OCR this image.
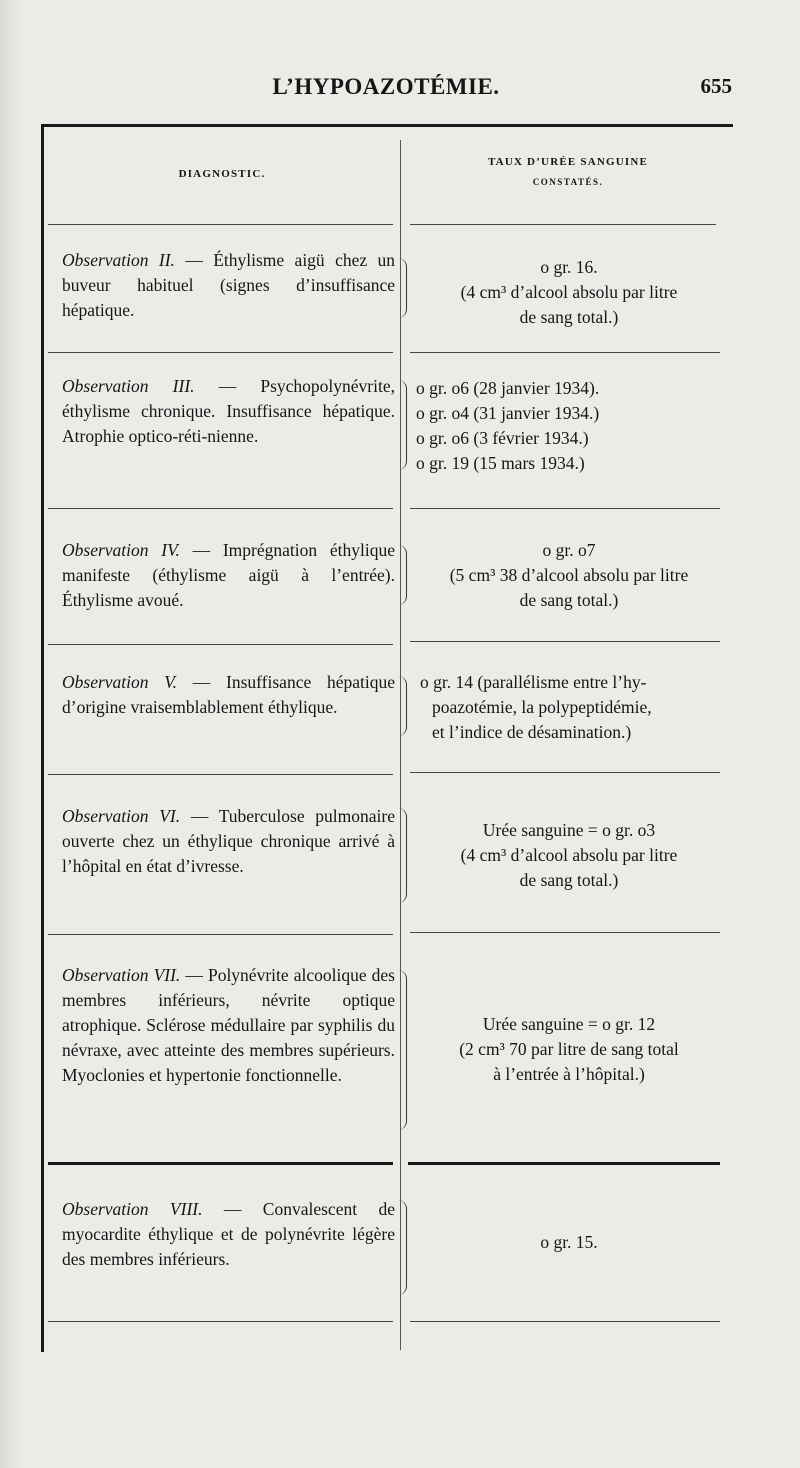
L’HYPOAZOTÉMIE.	655
DIAGNOSTIC.
TAUX D’URÉE SANGUINE
CONSTATÉS.
Observation II. — Éthylisme aigü chez un buveur habituel (signes d’insuffisance hépatique.
o gr. 16.
(4 cm³ d’alcool absolu par litre
de sang total.)
Observation III. — Psychopolynévrite, éthylisme chronique. Insuffisance hépatique. Atrophie optico-réti-nienne.
o gr. o6 (28 janvier 1934).
o gr. o4 (31 janvier 1934.)
o gr. o6 (3 février 1934.)
o gr. 19 (15 mars 1934.)
Observation IV. — Imprégnation éthylique manifeste (éthylisme aigü à l’entrée). Éthylisme avoué.
o gr. o7
(5 cm³ 38 d’alcool absolu par litre
de sang total.)
Observation V. — Insuffisance hépatique d’origine vraisemblablement éthylique.
o gr. 14 (parallélisme entre l’hy-
poazotémie, la polypeptidémie,
et l’indice de désamination.)
Observation VI. — Tuberculose pulmonaire ouverte chez un éthylique chronique arrivé à l’hôpital en état d’ivresse.
Urée sanguine = o gr. o3
(4 cm³ d’alcool absolu par litre
de sang total.)
Observation VII. — Polynévrite alcoolique des membres inférieurs, névrite optique atrophique. Sclérose médullaire par syphilis du névraxe, avec atteinte des membres supérieurs. Myoclonies et hypertonie fonctionnelle.
Urée sanguine = o gr. 12
(2 cm³ 70 par litre de sang total
à l’entrée à l’hôpital.)
Observation VIII. — Convalescent de myocardite éthylique et de polynévrite légère des membres inférieurs.
o gr. 15.
